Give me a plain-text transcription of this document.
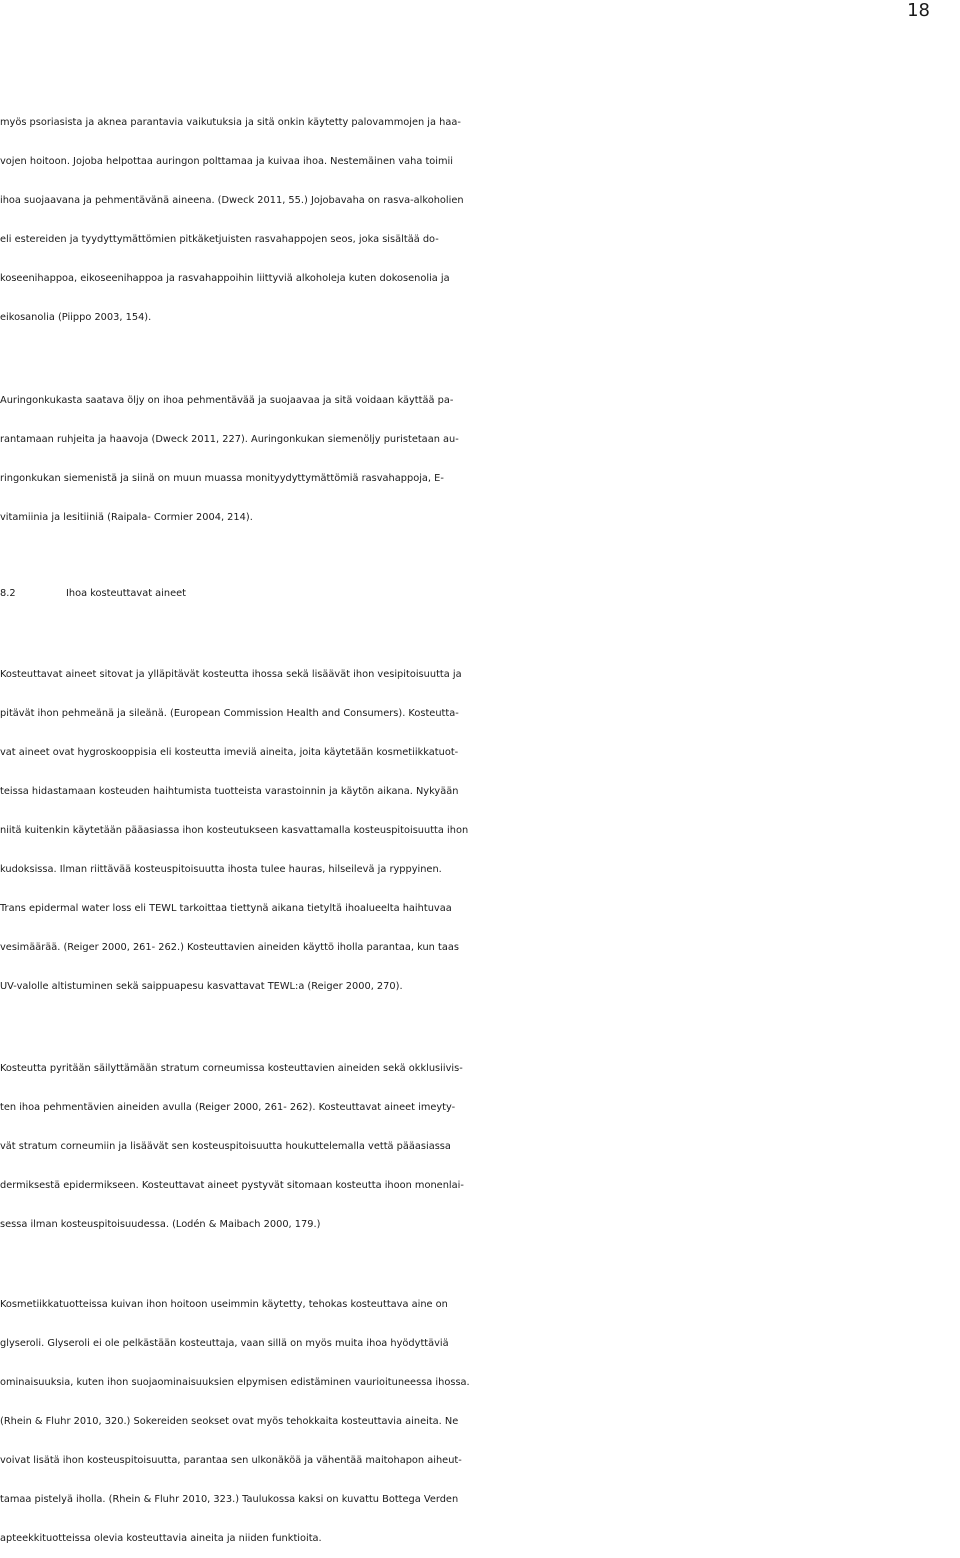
18
myös psoriasista ja aknea parantavia vaikutuksia ja sitä onkin käytetty palovammojen ja haa-
vojen hoitoon. Jojoba helpottaa auringon polttamaa ja kuivaa ihoa. Nestemäinen vaha toimii
ihoa suojaavana ja pehmentävänä aineena. (Dweck 2011, 55.) Jojobavaha on rasva-alkoholien
eli estereiden ja tyydyttymättömien pitkäketjuisten rasvahappojen seos, joka sisältää do-
koseenihappoa, eikoseenihappoa ja rasvahappoihin liittyviä alkoholeja kuten dokosenolia ja
eikosanolia (Piippo 2003, 154).
Auringonkukasta saatava öljy on ihoa pehmentävää ja suojaavaa ja sitä voidaan käyttää pa-
rantamaan ruhjeita ja haavoja (Dweck 2011, 227). Auringonkukan siemenöljy puristetaan au-
ringonkukan siemenistä ja siinä on muun muassa monityydyttymättömiä rasvahappoja, E-
vitamiinia ja lesitiiniä (Raipala- Cormier 2004, 214).
8.2	Ihoa kosteuttavat aineet
Kosteuttavat aineet sitovat ja ylläpitävät kosteutta ihossa sekä lisäävät ihon vesipitoisuutta ja
pitävät ihon pehmeänä ja sileänä. (European Commission Health and Consumers). Kosteutta-
vat aineet ovat hygroskooppisia eli kosteutta imeviä aineita, joita käytetään kosmetiikkatuot-
teissa hidastamaan kosteuden haihtumista tuotteista varastoinnin ja käytön aikana. Nykyään
niitä kuitenkin käytetään pääasiassa ihon kosteutukseen kasvattamalla kosteuspitoisuutta ihon
kudoksissa. Ilman riittävää kosteuspitoisuutta ihosta tulee hauras, hilseilevä ja ryppyinen.
Trans epidermal water loss eli TEWL tarkoittaa tiettynä aikana tietyltä ihoalueelta haihtuvaa
vesimäärää. (Reiger 2000, 261- 262.) Kosteuttavien aineiden käyttö iholla parantaa, kun taas
UV-valolle altistuminen sekä saippuapesu kasvattavat TEWL:a (Reiger 2000, 270).
Kosteutta pyritään säilyttämään stratum corneumissa kosteuttavien aineiden sekä okklusiivis-
ten ihoa pehmentävien aineiden avulla (Reiger 2000, 261- 262). Kosteuttavat aineet imeyty-
vät stratum corneumiin ja lisäävät sen kosteuspitoisuutta houkuttelemalla vettä pääasiassa
dermiksestä epidermikseen. Kosteuttavat aineet pystyvät sitomaan kosteutta ihoon monenlai-
sessa ilman kosteuspitoisuudessa. (Lodén & Maibach 2000, 179.)
Kosmetiikkatuotteissa kuivan ihon hoitoon useimmin käytetty, tehokas kosteuttava aine on
glyseroli. Glyseroli ei ole pelkästään kosteuttaja, vaan sillä on myös muita ihoa hyödyttäviä
ominaisuuksia, kuten ihon suojaominaisuuksien elpymisen edistäminen vaurioituneessa ihossa.
(Rhein & Fluhr 2010, 320.) Sokereiden seokset ovat myös tehokkaita kosteuttavia aineita. Ne
voivat lisätä ihon kosteuspitoisuutta, parantaa sen ulkonäköä ja vähentää maitohapon aiheut-
tamaa pistelyä iholla. (Rhein & Fluhr 2010, 323.) Taulukossa kaksi on kuvattu Bottega Verden
apteekkituotteissa olevia kosteuttavia aineita ja niiden funktioita.
